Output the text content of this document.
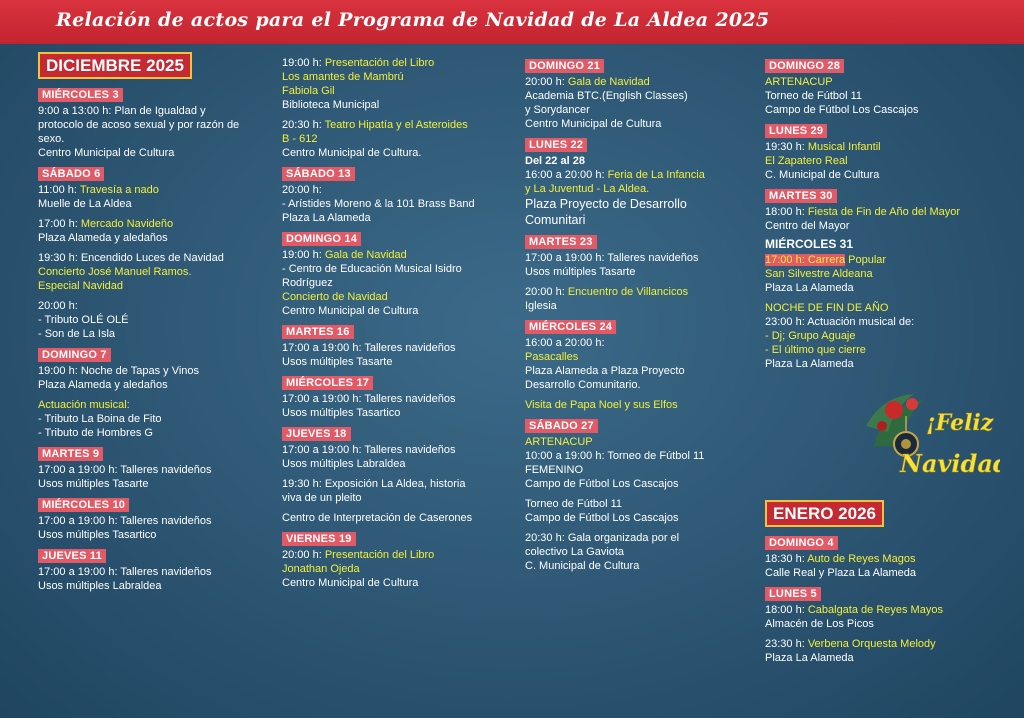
Relación de actos para el Programa de Navidad de La Aldea 2025
DICIEMBRE 2025
MIÉRCOLES 3
9:00 a 13:00 h: Plan de Igualdad y
protocolo de acoso sexual y por razón de
sexo.
Centro Municipal de Cultura
SÁBADO 6
11:00 h: Travesía a nado
Muelle de La Aldea
17:00 h: Mercado Navideño
Plaza Alameda y aledaños
19:30 h: Encendido Luces de Navidad
Concierto José Manuel Ramos.
Especial Navidad
20:00 h:
- Tributo OLÉ OLÉ
- Son de La Isla
DOMINGO 7
19:00 h: Noche de Tapas y Vinos
Plaza Alameda y aledaños
Actuación musical:
- Tributo La Boina de Fito
- Tributo de Hombres G
MARTES 9
17:00 a 19:00 h: Talleres navideños
Usos múltiples Tasarte
MIÉRCOLES 10
17:00 a 19:00 h: Talleres navideños
Usos múltiples Tasartico
JUEVES 11
17:00 a 19:00 h: Talleres navideños
Usos múltiples Labraldea
19:00 h: Presentación del Libro
Los amantes de Mambrú
Fabiola Gil
Biblioteca Municipal
20:30 h: Teatro Hipatía y el Asteroides
B - 612
Centro Municipal de Cultura.
SÁBADO 13
20:00 h:
- Arístides Moreno & la 101 Brass Band
Plaza La Alameda
DOMINGO 14
19:00 h: Gala de Navidad
- Centro de Educación Musical Isidro
Rodríguez
Concierto de Navidad
Centro Municipal de Cultura
MARTES 16
17:00 a 19:00 h: Talleres navideños
Usos múltiples Tasarte
MIÉRCOLES 17
17:00 a 19:00 h: Talleres navideños
Usos múltiples Tasartico
JUEVES 18
17:00 a 19:00 h: Talleres navideños
Usos múltiples Labraldea
19:30 h: Exposición La Aldea, historia
viva de un pleito
Centro de Interpretación de Caserones
VIERNES 19
20:00 h: Presentación del Libro
Jonathan Ojeda
Centro Municipal de Cultura
DOMINGO 21
20:00 h: Gala de Navidad
Academia BTC.(English Classes)
y Sorydancer
Centro Municipal de Cultura
LUNES 22
Del 22 al 28
16:00 a 20:00 h: Feria de La Infancia
y La Juventud - La Aldea.
Plaza Proyecto de Desarrollo
Comunitari
MARTES 23
17:00 a 19:00 h: Talleres navideños
Usos múltiples Tasarte
20:00 h: Encuentro de Villancicos
Iglesia
MIÉRCOLES 24
16:00 a 20:00 h:
Pasacalles
Plaza Alameda a Plaza Proyecto
Desarrollo Comunitario.
Visita de Papa Noel y sus Elfos
SÁBADO 27
ARTENACUP
10:00 a 19:00 h: Torneo de Fútbol 11
FEMENINO
Campo de Fútbol Los Cascajos
Torneo de Fútbol 11
Campo de Fútbol Los Cascajos
20:30 h: Gala organizada por el
colectivo La Gaviota
C. Municipal de Cultura
DOMINGO 28
ARTENACUP
Torneo de Fútbol 11
Campo de Fútbol Los Cascajos
LUNES 29
19:30 h: Musical Infantil
El Zapatero Real
C. Municipal de Cultura
MARTES 30
18:00 h: Fiesta de Fin de Año del Mayor
Centro del Mayor
MIÉRCOLES 31
17:00 h: Carrera Popular
San Silvestre Aldeana
Plaza La Alameda
NOCHE DE FIN DE AÑO
23:00 h: Actuación musical de:
- Dj; Grupo Aguaje
- El último que cierre
Plaza La Alameda
¡Feliz
Navidad
ENERO 2026
DOMINGO 4
18:30 h: Auto de Reyes Magos
Calle Real y Plaza La Alameda
LUNES 5
18:00 h: Cabalgata de Reyes Mayos
Almacén de Los Picos
23:30 h: Verbena Orquesta Melody
Plaza La Alameda
